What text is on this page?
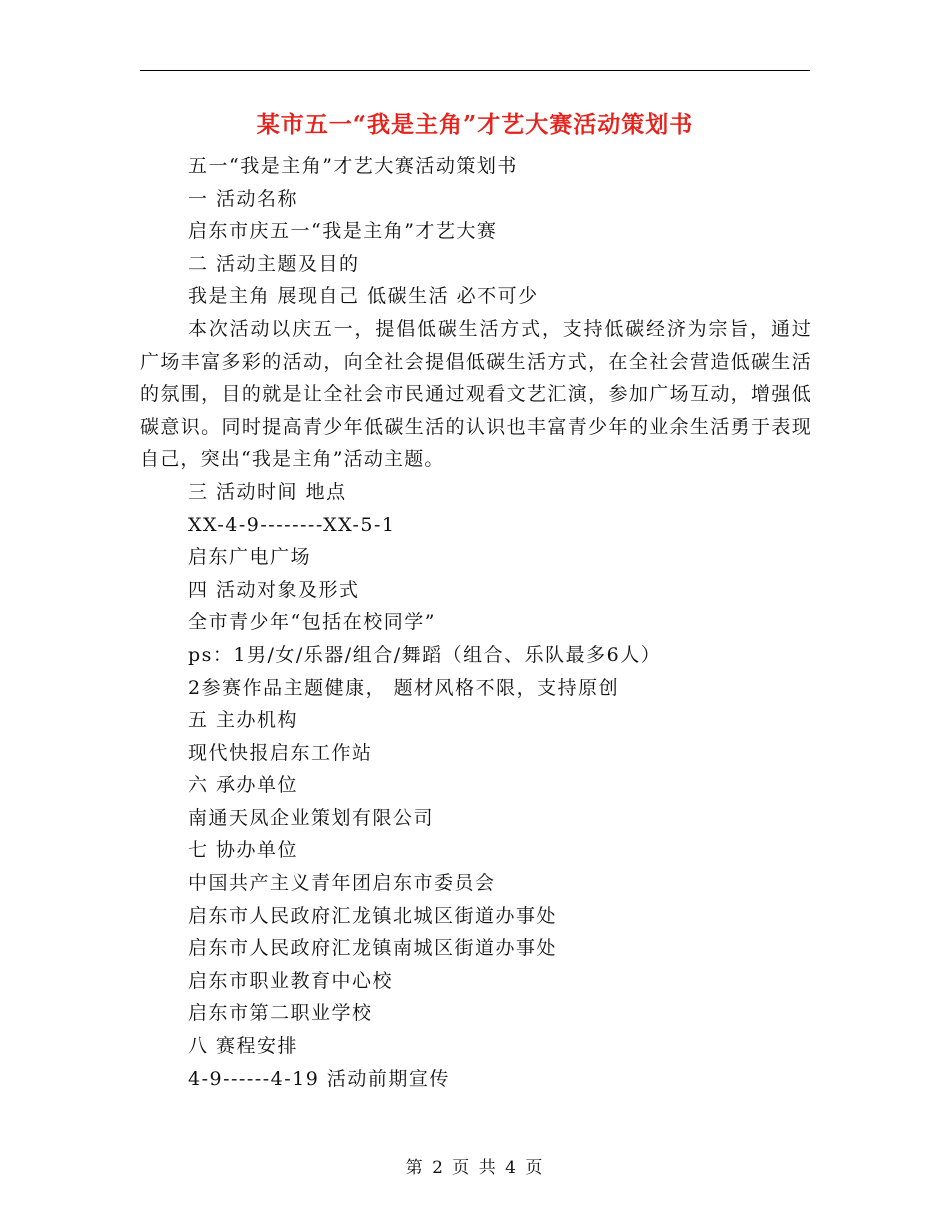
某市五一“我是主角”才艺大赛活动策划书
五一“我是主角”才艺大赛活动策划书
一 活动名称
启东市庆五一“我是主角”才艺大赛
二 活动主题及目的
我是主角 展现自己 低碳生活 必不可少
本次活动以庆五一，提倡低碳生活方式，支持低碳经济为宗旨，通过广场丰富多彩的活动，向全社会提倡低碳生活方式，在全社会营造低碳生活的氛围，目的就是让全社会市民通过观看文艺汇演，参加广场互动，增强低碳意识。同时提高青少年低碳生活的认识也丰富青少年的业余生活勇于表现自己，突出“我是主角”活动主题。
三 活动时间 地点
XX-4-9--------XX-5-1
启东广电广场
四 活动对象及形式
全市青少年“包括在校同学”
ps：1男/女/乐器/组合/舞蹈（组合、乐队最多6人）
2参赛作品主题健康， 题材风格不限，支持原创
五 主办机构
现代快报启东工作站
六 承办单位
南通天凤企业策划有限公司
七 协办单位
中国共产主义青年团启东市委员会
启东市人民政府汇龙镇北城区街道办事处
启东市人民政府汇龙镇南城区街道办事处
启东市职业教育中心校
启东市第二职业学校
八 赛程安排
4-9------4-19 活动前期宣传
第 2 页 共 4 页
